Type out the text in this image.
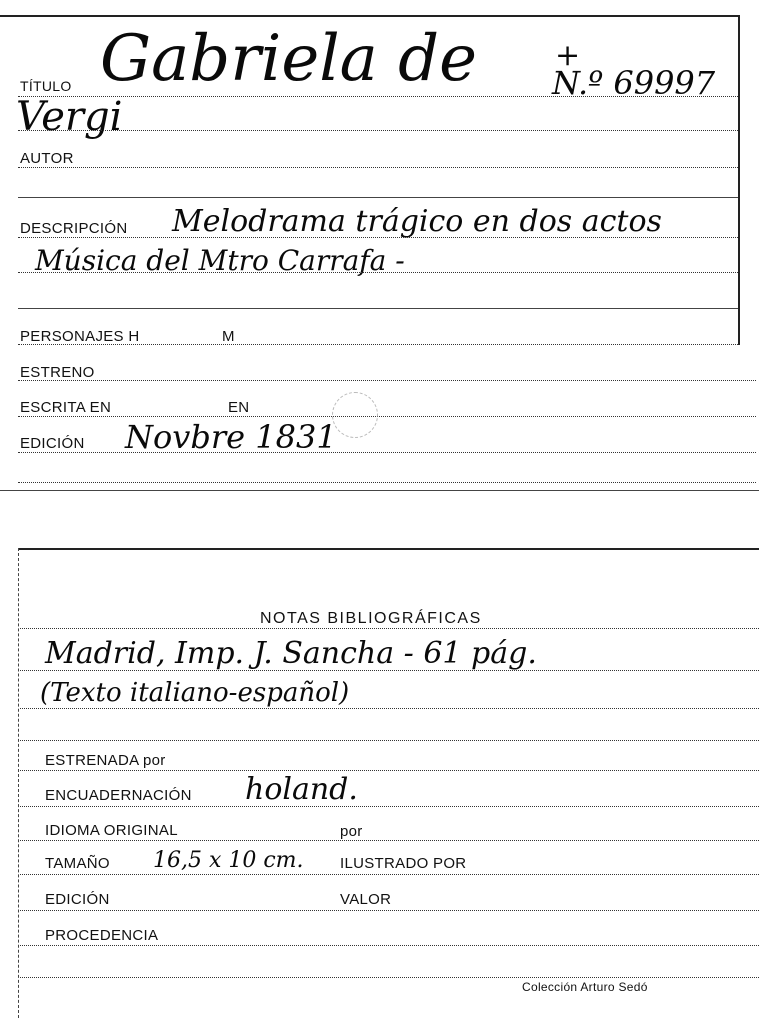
TÍTULO Gabriela de	+
N.º 69997
Vergi
AUTOR
DESCRIPCIÓN Melodrama trágico en dos actos
Música del Mtro Carrafa -
PERSONAJES H	M
ESTRENO
ESCRITA EN	EN
EDICIÓN Novbre 1831
NOTAS BIBLIOGRÁFICAS
Madrid, Imp. J. Sancha - 61 pág.
(Texto italiano-español)
ESTRENADA por
ENCUADERNACIÓN holand.
IDIOMA ORIGINAL	por
TAMAÑO 16,5 x 10 cm. ILUSTRADO POR
EDICIÓN	VALOR
PROCEDENCIA
Colección Arturo Sedó
